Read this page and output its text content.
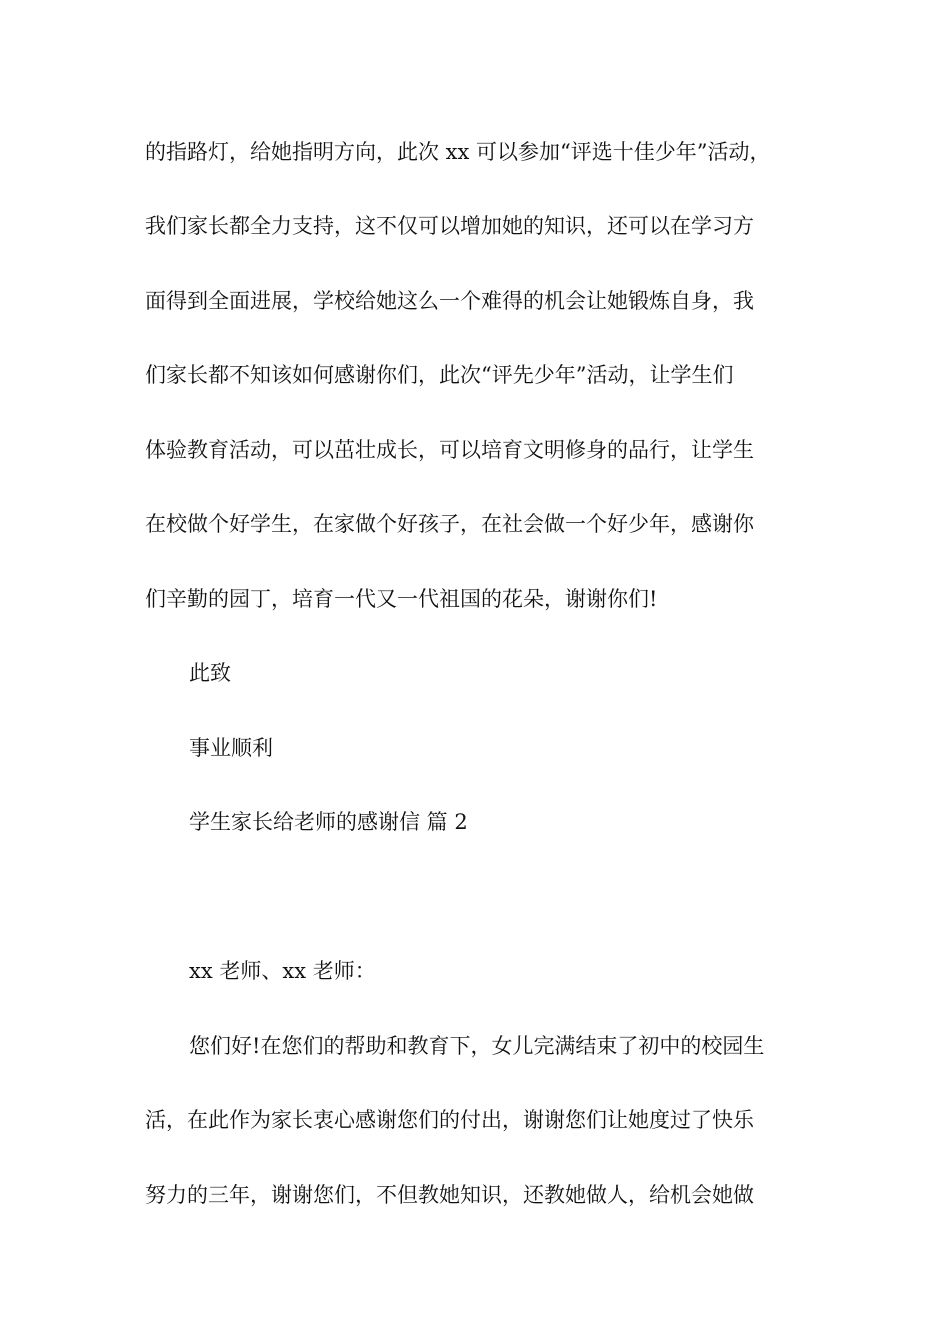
的指路灯，给她指明方向，此次 xx 可以参加“评选十佳少年”活动，
我们家长都全力支持，这不仅可以增加她的知识，还可以在学习方
面得到全面进展，学校给她这么一个难得的机会让她锻炼自身，我
们家长都不知该如何感谢你们，此次“评先少年”活动，让学生们
体验教育活动，可以茁壮成长，可以培育文明修身的品行，让学生
在校做个好学生，在家做个好孩子，在社会做一个好少年，感谢你
们辛勤的园丁，培育一代又一代祖国的花朵，谢谢你们!
此致
事业顺利
学生家长给老师的感谢信 篇 2
xx 老师、xx 老师：
您们好!在您们的帮助和教育下，女儿完满结束了初中的校园生
活，在此作为家长衷心感谢您们的付出，谢谢您们让她度过了快乐
努力的三年，谢谢您们，不但教她知识，还教她做人，给机会她做
